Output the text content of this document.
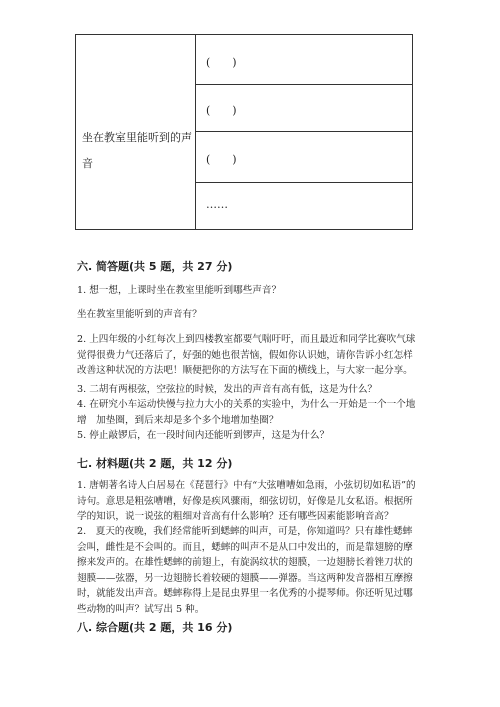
坐在教室里能听到的声音
(　　)
(　　)
(　　)
……
六. 简答题(共 5 题，共 27 分)
1. 想一想，上课时坐在教室里能听到哪些声音？
坐在教室里能听到的声音有？
2. 上四年级的小红每次上到四楼教室都要气喘吁吁，而且最近和同学比赛吹气球觉得很费力气还落后了，好强的她也很苦恼，假如你认识她，请你告诉小红怎样改善这种状况的方法吧！顺便把你的方法写在下面的横线上，与大家一起分享。
3. 二胡有两根弦，空弦拉的时候，发出的声音有高有低，这是为什么？
4. 在研究小车运动快慢与拉力大小的关系的实验中，为什么一开始是一个一个地增　加垫圈，到后来却是多个多个地增加垫圈？
5. 停止敲锣后，在一段时间内还能听到锣声，这是为什么？
七. 材料题(共 2 题，共 12 分)
1. 唐朝著名诗人白居易在《琵琶行》中有“大弦嘈嘈如急雨，小弦切切如私语”的诗句。意思是粗弦嘈嘈，好像是疾风骤雨，细弦切切，好像是儿女私语。根据所学的知识，说一说弦的粗细对音高有什么影响？还有哪些因素能影响音高？
2.　夏天的夜晚，我们经常能听到蟋蟀的叫声，可是，你知道吗？只有雄性蟋蟀会叫，雌性是不会叫的。而且，蟋蟀的叫声不是从口中发出的，而是靠翅膀的摩擦来发声的。在雄性蟋蟀的前翅上，有旋涡纹状的翅膜，一边翅膀长着锉刀状的翅膜——弦器，另一边翅膀长着较硬的翅膜——弹器。当这两种发音器相互摩擦时，就能发出声音。蟋蟀称得上是昆虫界里一名优秀的小提琴师。你还听见过哪些动物的叫声？试写出 5 种。
八. 综合题(共 2 题，共 16 分)
